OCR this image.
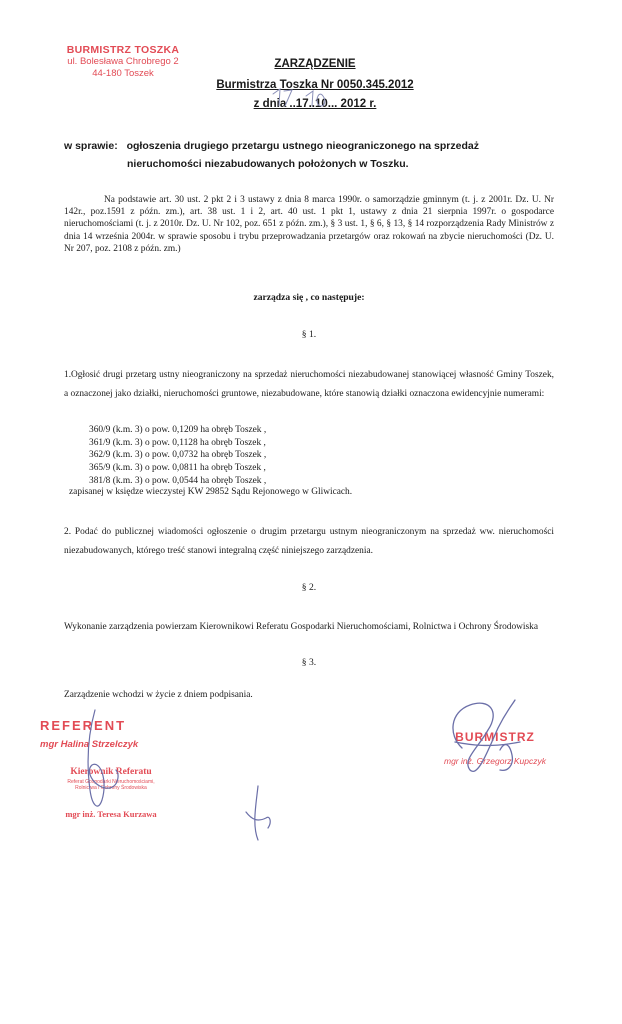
BURMISTRZ TOSZKA
ul. Bolesława Chrobrego 2
44-180 Toszek
ZARZĄDZENIE
Burmistrza Toszka Nr 0050.345.2012
z dnia ..17..10... 2012 r.
w sprawie: ogłoszenia drugiego przetargu ustnego nieograniczonego na sprzedaż
nieruchomości niezabudowanych położonych w Toszku.
Na podstawie art. 30 ust. 2 pkt 2 i 3 ustawy z dnia 8 marca 1990r. o samorządzie gminnym (t. j. z 2001r. Dz. U. Nr 142r., poz.1591 z późn. zm.), art. 38 ust. 1 i 2, art. 40 ust. 1 pkt 1, ustawy z dnia 21 sierpnia 1997r. o gospodarce nieruchomościami (t. j. z 2010r. Dz. U. Nr 102, poz. 651 z późn. zm.), § 3 ust. 1, § 6, § 13, § 14 rozporządzenia Rady Ministrów z dnia 14 września 2004r. w sprawie sposobu i trybu przeprowadzania przetargów oraz rokowań na zbycie nieruchomości (Dz. U. Nr 207, poz. 2108 z późn. zm.)
zarządza się , co następuje:
§ 1.
1.Ogłosić drugi przetarg ustny nieograniczony na sprzedaż nieruchomości niezabudowanej stanowiącej własność Gminy Toszek, a oznaczonej jako działki, nieruchomości gruntowe, niezabudowane, które stanowią działki oznaczona ewidencyjnie numerami:
360/9 (k.m. 3) o pow. 0,1209 ha obręb Toszek ,
361/9 (k.m. 3) o pow. 0,1128 ha obręb Toszek ,
362/9 (k.m. 3) o pow. 0,0732 ha obręb Toszek ,
365/9 (k.m. 3) o pow. 0,0811 ha obręb Toszek ,
381/8 (k.m. 3) o pow. 0,0544 ha obręb Toszek ,
zapisanej w księdze wieczystej KW 29852 Sądu Rejonowego w Gliwicach.
2. Podać do publicznej wiadomości ogłoszenie o drugim przetargu ustnym nieograniczonym na sprzedaż ww. nieruchomości niezabudowanych, którego treść stanowi integralną część niniejszego zarządzenia.
§ 2.
Wykonanie zarządzenia powierzam Kierownikowi Referatu Gospodarki Nieruchomościami, Rolnictwa i Ochrony Środowiska
§ 3.
Zarządzenie wchodzi w życie z dniem podpisania.
REFERENT
mgr Halina Strzelczyk
Kierownik Referatu
Referat Gospodarki Nieruchomościami,
Rolnictwa i Ochrony Środowiska
mgr inż. Teresa Kurzawa
BURMISTRZ
mgr inż. Grzegorz Kupczyk
